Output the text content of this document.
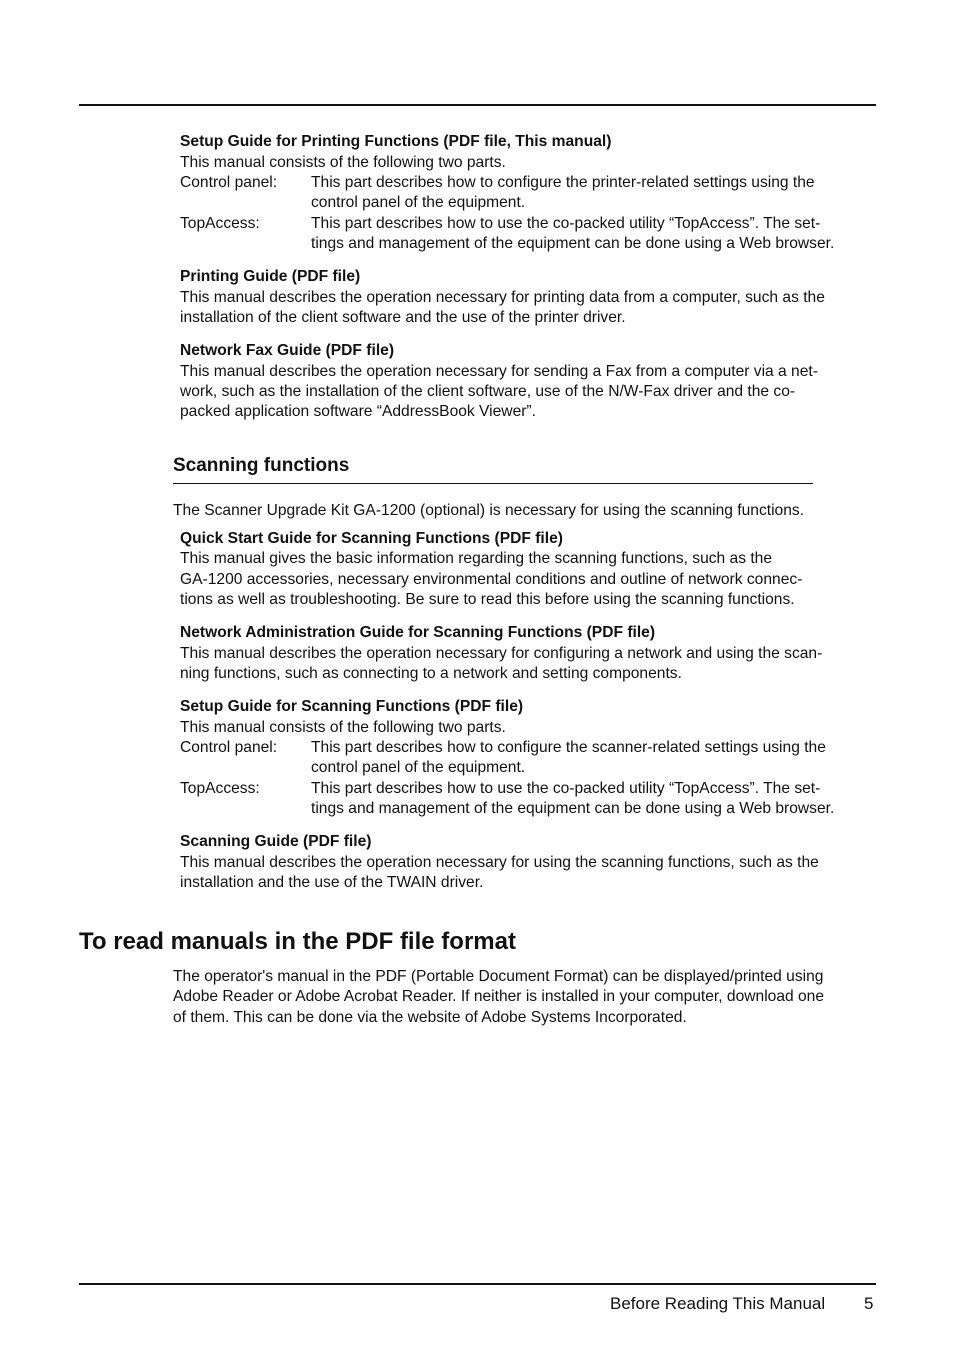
Setup Guide for Printing Functions (PDF file, This manual)
This manual consists of the following two parts.
Control panel: This part describes how to configure the printer-related settings using the
control panel of the equipment.
TopAccess:	This part describes how to use the co-packed utility “TopAccess”. The set-
tings and management of the equipment can be done using a Web browser.
Printing Guide (PDF file)
This manual describes the operation necessary for printing data from a computer, such as the
installation of the client software and the use of the printer driver.
Network Fax Guide (PDF file)
This manual describes the operation necessary for sending a Fax from a computer via a net-
work, such as the installation of the client software, use of the N/W-Fax driver and the co-
packed application software “AddressBook Viewer”.
Scanning functions
The Scanner Upgrade Kit GA-1200 (optional) is necessary for using the scanning functions.
Quick Start Guide for Scanning Functions (PDF file)
This manual gives the basic information regarding the scanning functions, such as the
GA-1200 accessories, necessary environmental conditions and outline of network connec-
tions as well as troubleshooting. Be sure to read this before using the scanning functions.
Network Administration Guide for Scanning Functions (PDF file)
This manual describes the operation necessary for configuring a network and using the scan-
ning functions, such as connecting to a network and setting components.
Setup Guide for Scanning Functions (PDF file)
This manual consists of the following two parts.
Control panel: This part describes how to configure the scanner-related settings using the
control panel of the equipment.
TopAccess:	This part describes how to use the co-packed utility “TopAccess”. The set-
tings and management of the equipment can be done using a Web browser.
Scanning Guide (PDF file)
This manual describes the operation necessary for using the scanning functions, such as the
installation and the use of the TWAIN driver.
To read manuals in the PDF file format
The operator's manual in the PDF (Portable Document Format) can be displayed/printed using
Adobe Reader or Adobe Acrobat Reader. If neither is installed in your computer, download one
of them. This can be done via the website of Adobe Systems Incorporated.
Before Reading This Manual 5
